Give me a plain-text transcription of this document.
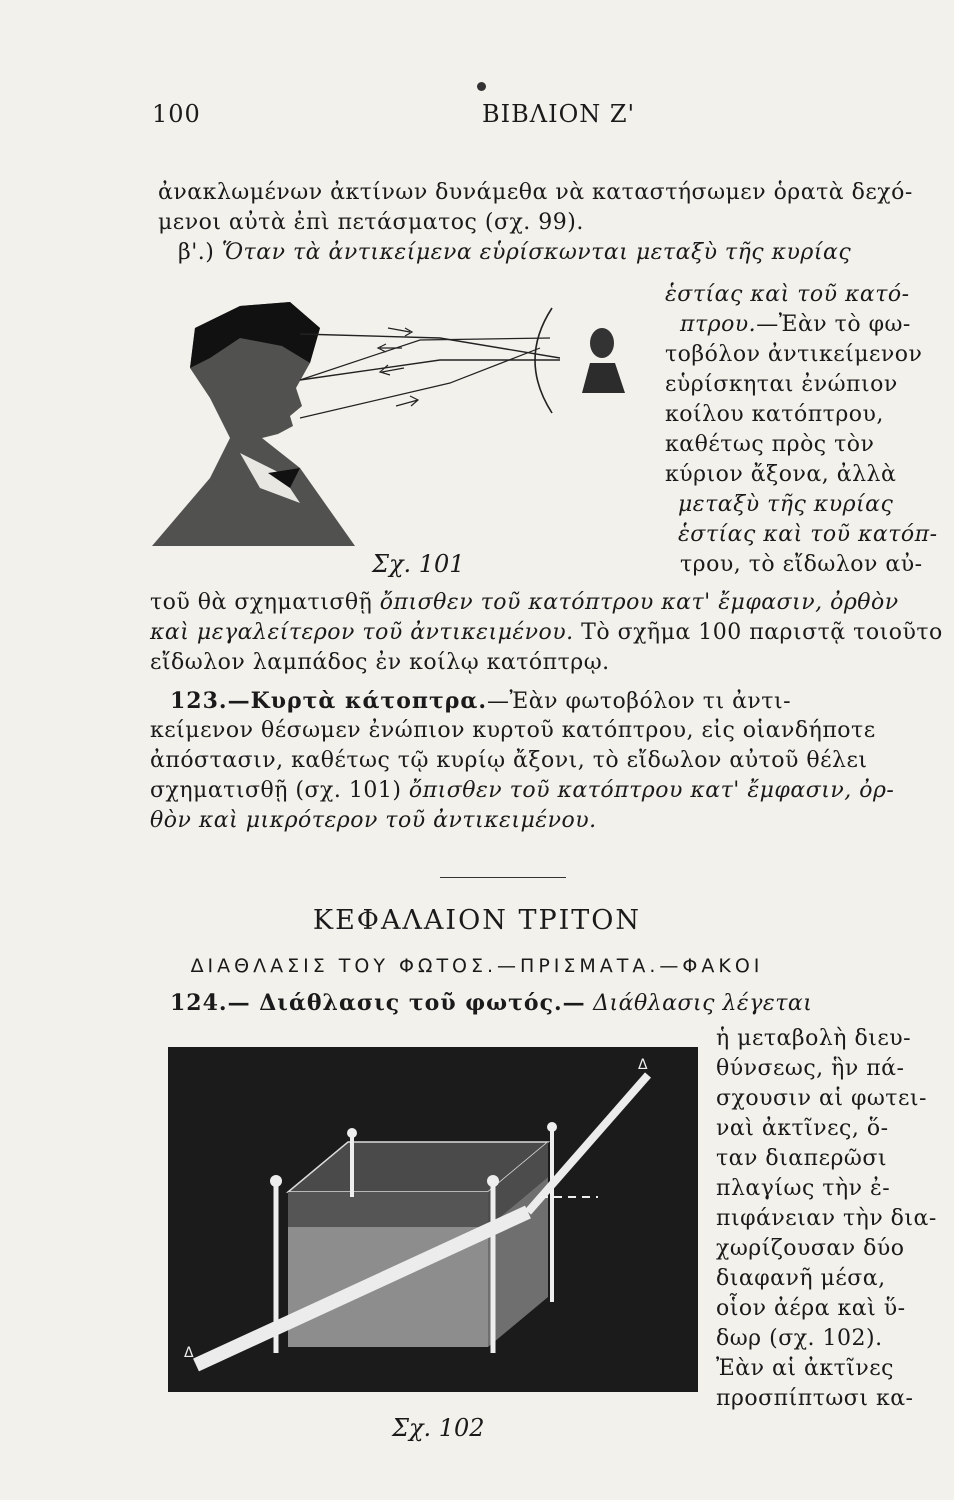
100	ΒΙΒΛΙΟΝ Ζ'
ἀνακλωμένων ἀκτίνων δυνάμεθα νὰ καταστήσωμεν ὁρατὰ δεχό-
μενοι αὐτὰ ἐπὶ πετάσματος (σχ. 99).
β'.) Ὅταν τὰ ἀντικείμενα εὑρίσκωνται μεταξὺ τῆς κυρίας
Σχ. 101
ἑστίας καὶ τοῦ κατό-
πτρου.—Ἐὰν τὸ φω-
τοβόλον ἀντικείμενον
εὑρίσκηται ἐνώπιον
κοίλου κατόπτρου,
καθέτως πρὸς τὸν
κύριον ἄξονα, ἀλλὰ
μεταξὺ τῆς κυρίας
ἑστίας καὶ τοῦ κατόπ-
τρου, τὸ εἴδωλον αὐ-
τοῦ θὰ σχηματισθῇ ὄπισθεν τοῦ κατόπτρου κατ' ἔμφασιν, ὀρθὸν
καὶ μεγαλείτερον τοῦ ἀντικειμένου. Τὸ σχῆμα 100 παριστᾷ τοιοῦτο
εἴδωλον λαμπάδος ἐν κοίλῳ κατόπτρῳ.
123.—Κυρτὰ κάτοπτρα.—Ἐὰν φωτοβόλον τι ἀντι-
κείμενον θέσωμεν ἐνώπιον κυρτοῦ κατόπτρου, εἰς οἱανδήποτε
ἀπόστασιν, καθέτως τῷ κυρίῳ ἄξονι, τὸ εἴδωλον αὐτοῦ θέλει
σχηματισθῇ (σχ. 101) ὄπισθεν τοῦ κατόπτρου κατ' ἔμφασιν, ὀρ-
θὸν καὶ μικρότερον τοῦ ἀντικειμένου.
ΚΕΦΑΛΑΙΟΝ ΤΡΙΤΟΝ
ΔΙΑΘΛΑΣΙΣ ΤΟΥ ΦΩΤΟΣ.—ΠΡΙΣΜΑΤΑ.—ΦΑΚΟΙ
124.— Διάθλασις τοῦ φωτός.— Διάθλασις λέγεται
Δ
Δ
Σχ. 102
ἡ μεταβολὴ διευ-
θύνσεως, ἣν πά-
σχουσιν αἱ φωτει-
ναὶ ἀκτῖνες, ὅ-
ταν διαπερῶσι
πλαγίως τὴν ἐ-
πιφάνειαν τὴν δια-
χωρίζουσαν δύο
διαφανῆ μέσα,
οἷον ἀέρα καὶ ὕ-
δωρ (σχ. 102).
Ἐὰν αἱ ἀκτῖνες
προσπίπτωσι κα-
